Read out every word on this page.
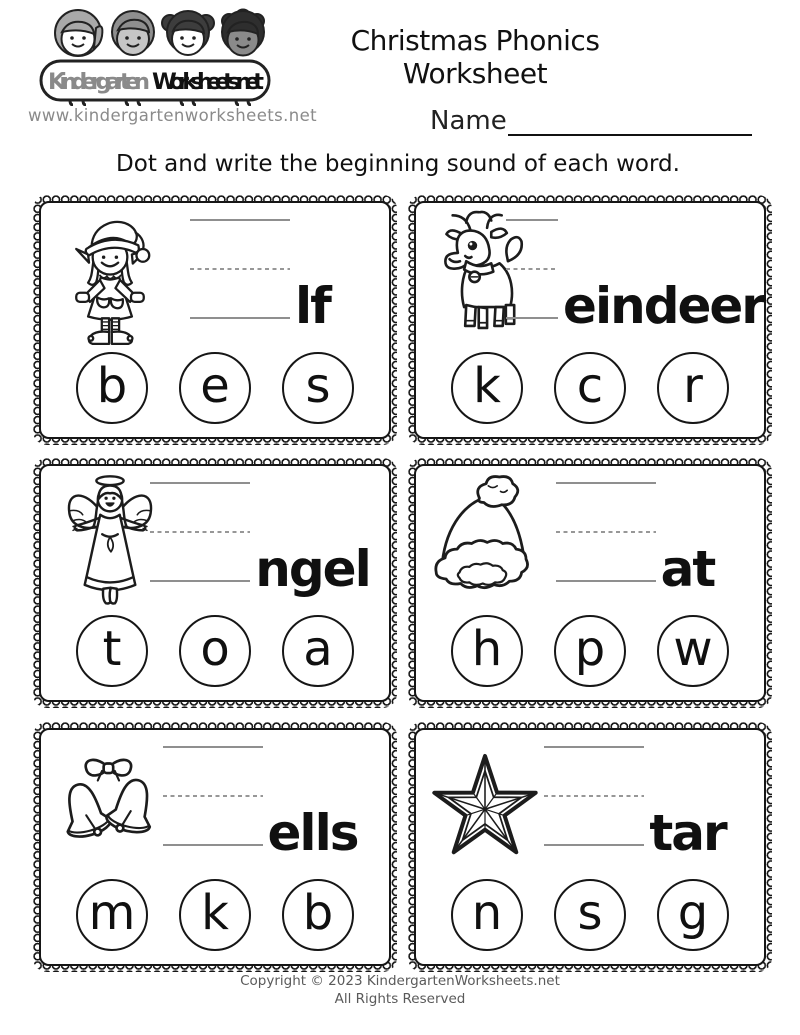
Kindergarten Worksheets.net
www.kindergartenworksheets.net
Christmas Phonics Worksheet
Name
Dot and write the beginning sound of each word.
lf
b e s
eindeer
k c r
ngel
t o a
at
h p w
ells
m k b
tar
n s g
Copyright © 2023 KindergartenWorksheets.net
All Rights Reserved
